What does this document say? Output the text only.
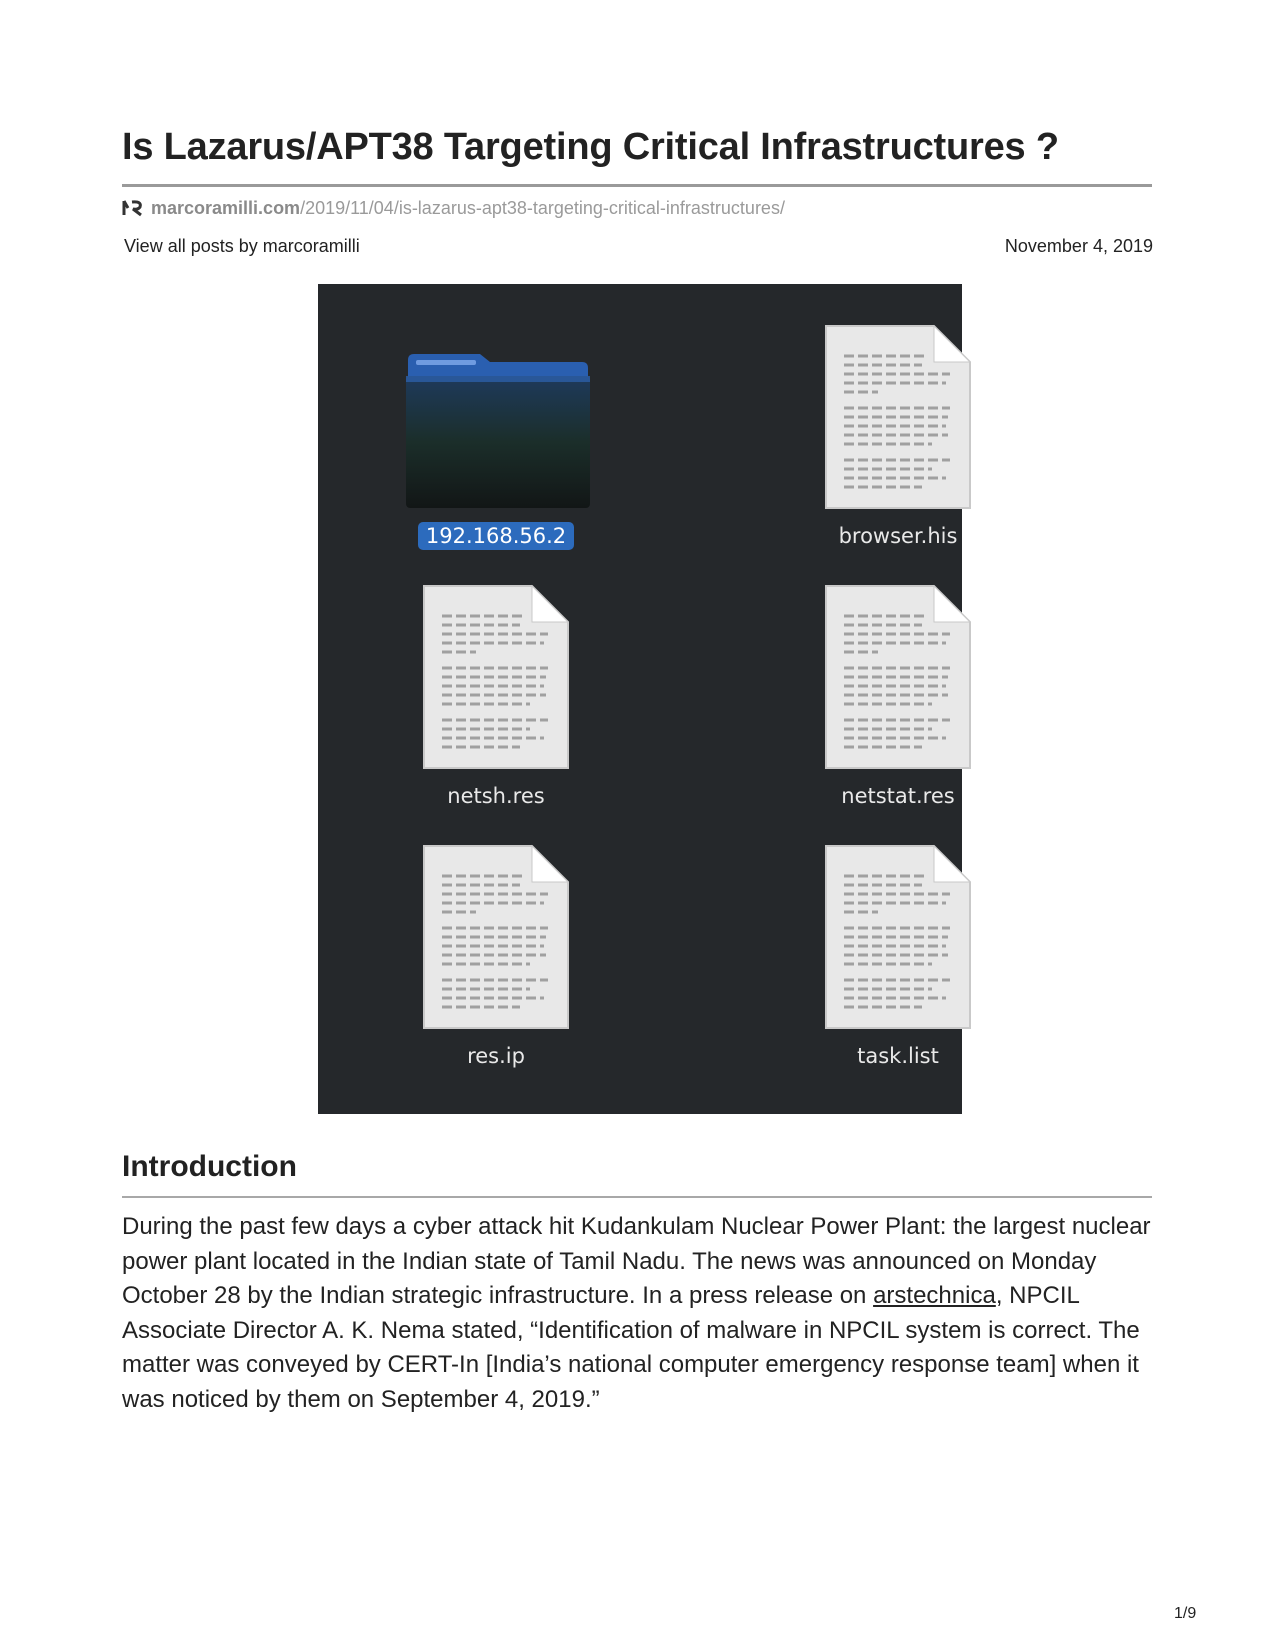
Is Lazarus/APT38 Targeting Critical Infrastructures ?
marcoramilli.com /2019/11/04/is-lazarus-apt38-targeting-critical-infrastructures/
View all posts by marcoramilli	November 4, 2019
192.168.56.2	browser.his
netsh.res	netstat.res
res.ip	task.list
Introduction

During the past few days a cyber attack hit Kudankulam Nuclear Power Plant: the largest nuclear power plant located in the Indian state of Tamil Nadu. The news was announced on Monday October 28 by the Indian strategic infrastructure. In a press release on arstechnica, NPCIL Associate Director A. K. Nema stated, “Identification of malware in NPCIL system is correct. The matter was conveyed by CERT-In [India’s national computer emergency response team] when it was noticed by them on September 4, 2019.”

1/9
